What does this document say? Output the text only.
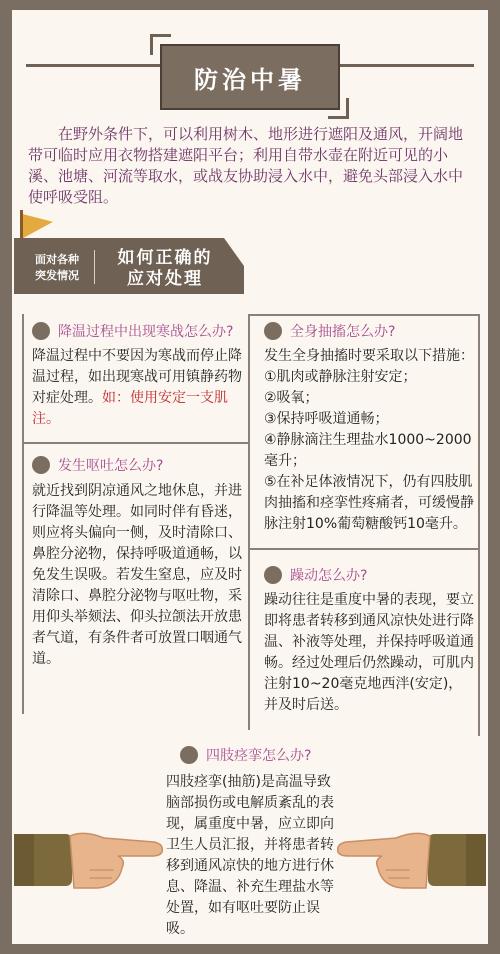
防治中暑
在野外条件下，可以利用树木、地形进行遮阳及通风，开阔地带可临时应用衣物搭建遮阳平台；利用自带水壶在附近可见的小溪、池塘、河流等取水，或战友协助浸入水中，避免头部浸入水中使呼吸受阻。
面对各种
突发情况
如何正确的
应对处理
降温过程中出现寒战怎么办?
降温过程中不要因为寒战而停止降温过程，如出现寒战可用镇静药物对症处理。如：使用安定一支肌注。
全身抽搐怎么办?
发生全身抽搐时要采取以下措施：
①肌肉或静脉注射安定；
②吸氧；
③保持呼吸道通畅；
④静脉滴注生理盐水1000~2000
毫升；
⑤在补足体液情况下，仍有四肢肌
肉抽搐和痉挛性疼痛者，可缓慢静
脉注射10%葡萄糖酸钙10毫升。
发生呕吐怎么办?
就近找到阴凉通风之地休息，并进行降温等处理。如同时伴有昏迷，则应将头偏向一侧，及时清除口、鼻腔分泌物，保持呼吸道通畅，以免发生误吸。若发生窒息，应及时清除口、鼻腔分泌物与呕吐物，采用仰头举颏法、仰头拉颌法开放患者气道，有条件者可放置口咽通气道。
躁动怎么办?
躁动往往是重度中暑的表现，要立即将患者转移到通风凉快处进行降温、补液等处理，并保持呼吸道通畅。经过处理后仍然躁动，可肌内注射10~20毫克地西泮(安定)，并及时后送。
四肢痉挛怎么办?
四肢痉挛(抽筋)是高温导致脑部损伤或电解质紊乱的表现，属重度中暑，应立即向卫生人员汇报，并将患者转移到通风凉快的地方进行休息、降温、补充生理盐水等处置，如有呕吐要防止误吸。
